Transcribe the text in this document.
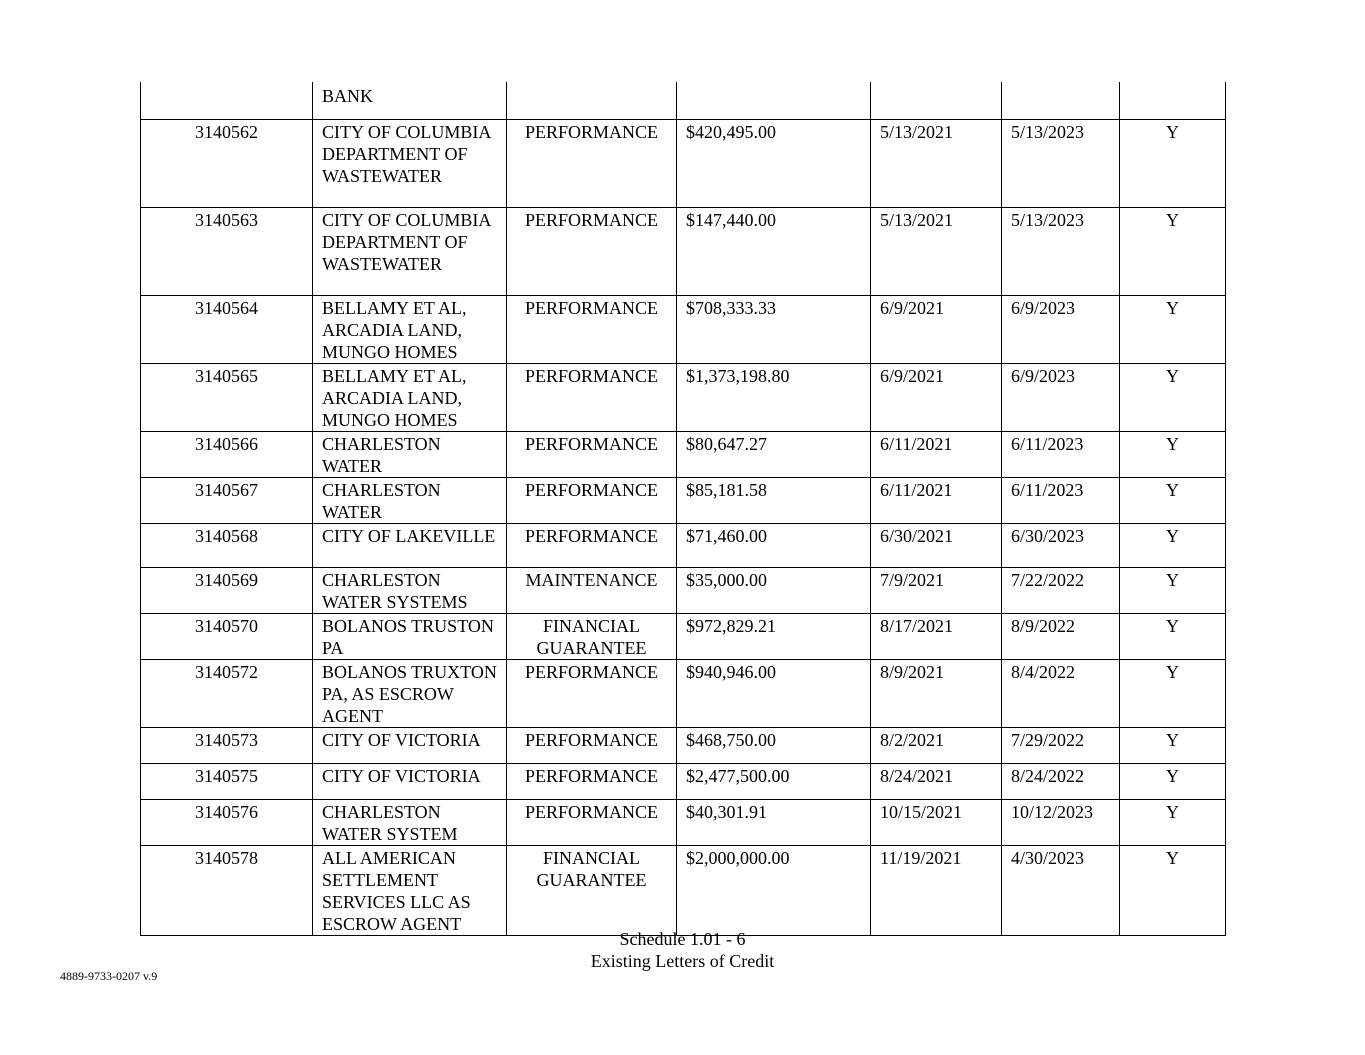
	BANK					
3140562	CITY OF COLUMBIA DEPARTMENT OF WASTEWATER	PERFORMANCE	$420,495.00	5/13/2021	5/13/2023	Y
3140563	CITY OF COLUMBIA DEPARTMENT OF WASTEWATER	PERFORMANCE	$147,440.00	5/13/2021	5/13/2023	Y
3140564	BELLAMY ET AL, ARCADIA LAND, MUNGO HOMES	PERFORMANCE	$708,333.33	6/9/2021	6/9/2023	Y
3140565	BELLAMY ET AL, ARCADIA LAND, MUNGO HOMES	PERFORMANCE	$1,373,198.80	6/9/2021	6/9/2023	Y
3140566	CHARLESTON WATER	PERFORMANCE	$80,647.27	6/11/2021	6/11/2023	Y
3140567	CHARLESTON WATER	PERFORMANCE	$85,181.58	6/11/2021	6/11/2023	Y
3140568	CITY OF LAKEVILLE	PERFORMANCE	$71,460.00	6/30/2021	6/30/2023	Y
3140569	CHARLESTON WATER SYSTEMS	MAINTENANCE	$35,000.00	7/9/2021	7/22/2022	Y
3140570	BOLANOS TRUSTON PA	FINANCIAL GUARANTEE	$972,829.21	8/17/2021	8/9/2022	Y
3140572	BOLANOS TRUXTON PA, AS ESCROW AGENT	PERFORMANCE	$940,946.00	8/9/2021	8/4/2022	Y
3140573	CITY OF VICTORIA	PERFORMANCE	$468,750.00	8/2/2021	7/29/2022	Y
3140575	CITY OF VICTORIA	PERFORMANCE	$2,477,500.00	8/24/2021	8/24/2022	Y
3140576	CHARLESTON WATER SYSTEM	PERFORMANCE	$40,301.91	10/15/2021	10/12/2023	Y
3140578	ALL AMERICAN SETTLEMENT SERVICES LLC AS ESCROW AGENT	FINANCIAL GUARANTEE	$2,000,000.00	11/19/2021	4/30/2023	Y
Schedule 1.01 - 6
Existing Letters of Credit
4889-9733-0207 v.9
